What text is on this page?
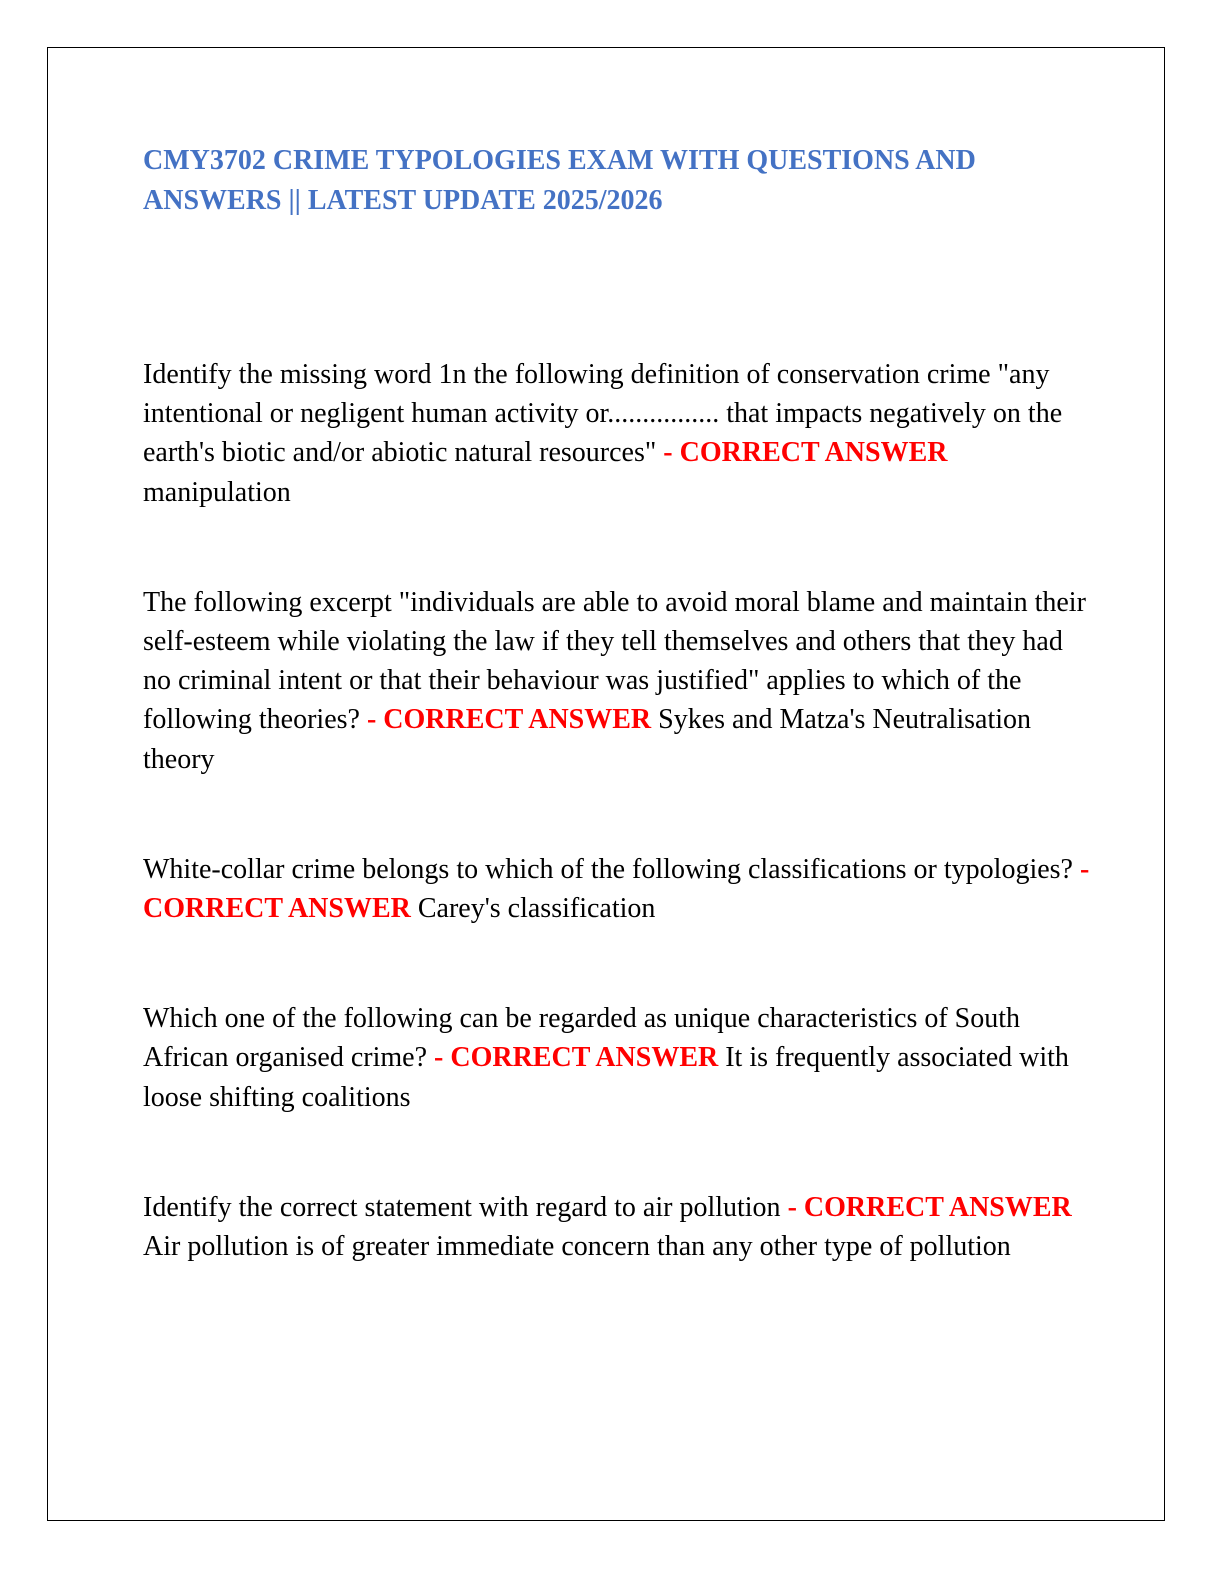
CMY3702 CRIME TYPOLOGIES EXAM WITH QUESTIONS AND ANSWERS || LATEST UPDATE 2025/2026

Identify the missing word 1n the following definition of conservation crime "any intentional or negligent human activity or................ that impacts negatively on the earth's biotic and/or abiotic natural resources" - CORRECT ANSWER manipulation

The following excerpt "individuals are able to avoid moral blame and maintain their self-esteem while violating the law if they tell themselves and others that they had no criminal intent or that their behaviour was justified" applies to which of the following theories? - CORRECT ANSWER Sykes and Matza's Neutralisation theory

White-collar crime belongs to which of the following classifications or typologies? - CORRECT ANSWER Carey's classification

Which one of the following can be regarded as unique characteristics of South African organised crime? - CORRECT ANSWER It is frequently associated with loose shifting coalitions

Identify the correct statement with regard to air pollution - CORRECT ANSWER Air pollution is of greater immediate concern than any other type of pollution
